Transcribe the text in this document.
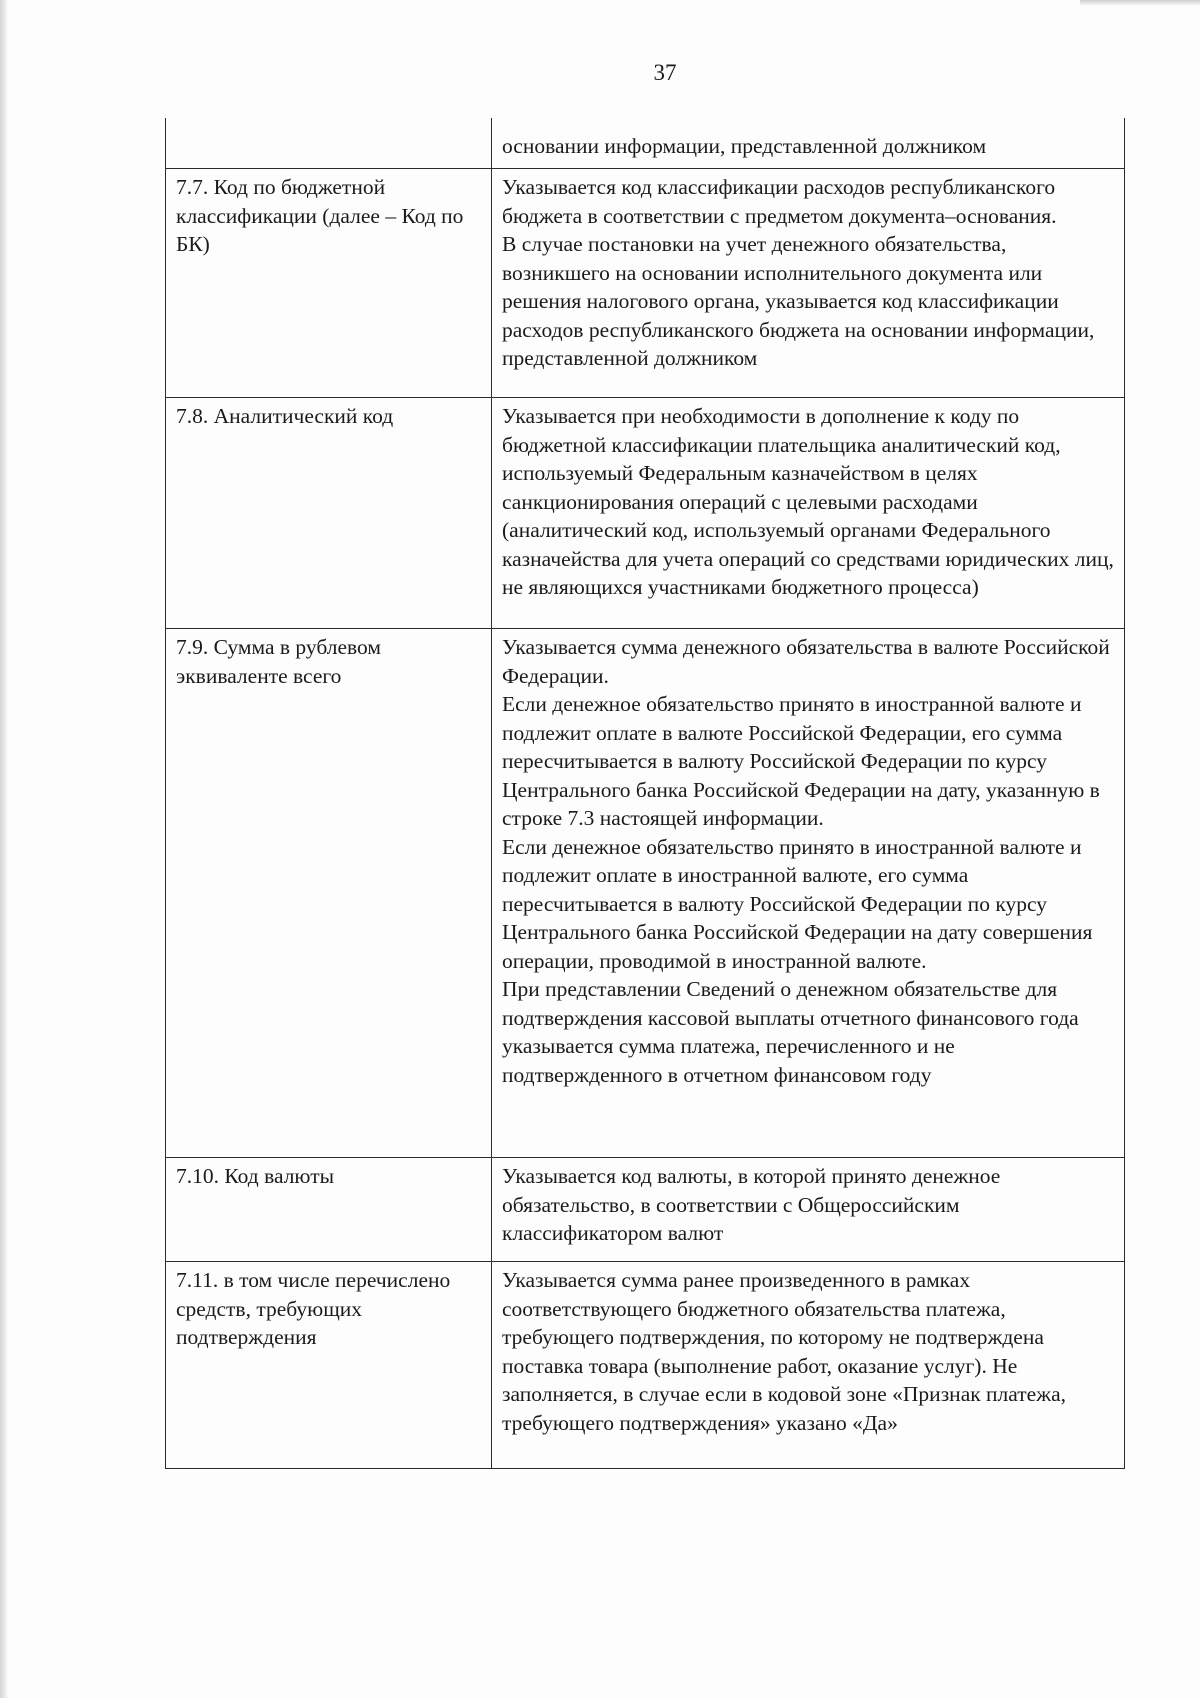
37

	основании информации, представленной должником

7.7. Код по бюджетной классификации (далее – Код по БК)	Указывается код классификации расходов республиканского бюджета в соответствии с предметом документа–основания.
В случае постановки на учет денежного обязательства, возникшего на основании исполнительного документа или решения налогового органа, указывается код классификации расходов республиканского бюджета на основании информации, представленной должником

7.8. Аналитический код	Указывается при необходимости в дополнение к коду по бюджетной классификации плательщика аналитический код, используемый Федеральным казначейством в целях санкционирования операций с целевыми расходами (аналитический код, используемый органами Федерального казначейства для учета операций со средствами юридических лиц, не являющихся участниками бюджетного процесса)

7.9. Сумма в рублевом эквиваленте всего	Указывается сумма денежного обязательства в валюте Российской Федерации.
Если денежное обязательство принято в иностранной валюте и подлежит оплате в валюте Российской Федерации, его сумма пересчитывается в валюту Российской Федерации по курсу Центрального банка Российской Федерации на дату, указанную в строке 7.3 настоящей информации.
Если денежное обязательство принято в иностранной валюте и подлежит оплате в иностранной валюте, его сумма пересчитывается в валюту Российской Федерации по курсу Центрального банка Российской Федерации на дату совершения операции, проводимой в иностранной валюте.
При представлении Сведений о денежном обязательстве для подтверждения кассовой выплаты отчетного финансового года указывается сумма платежа, перечисленного и не подтвержденного в отчетном финансовом году

7.10. Код валюты	Указывается код валюты, в которой принято денежное обязательство, в соответствии с Общероссийским классификатором валют

7.11. в том числе перечислено средств, требующих подтверждения	Указывается сумма ранее произведенного в рамках соответствующего бюджетного обязательства платежа, требующего подтверждения, по которому не подтверждена поставка товара (выполнение работ, оказание услуг). Не заполняется, в случае если в кодовой зоне «Признак платежа, требующего подтверждения» указано «Да»
